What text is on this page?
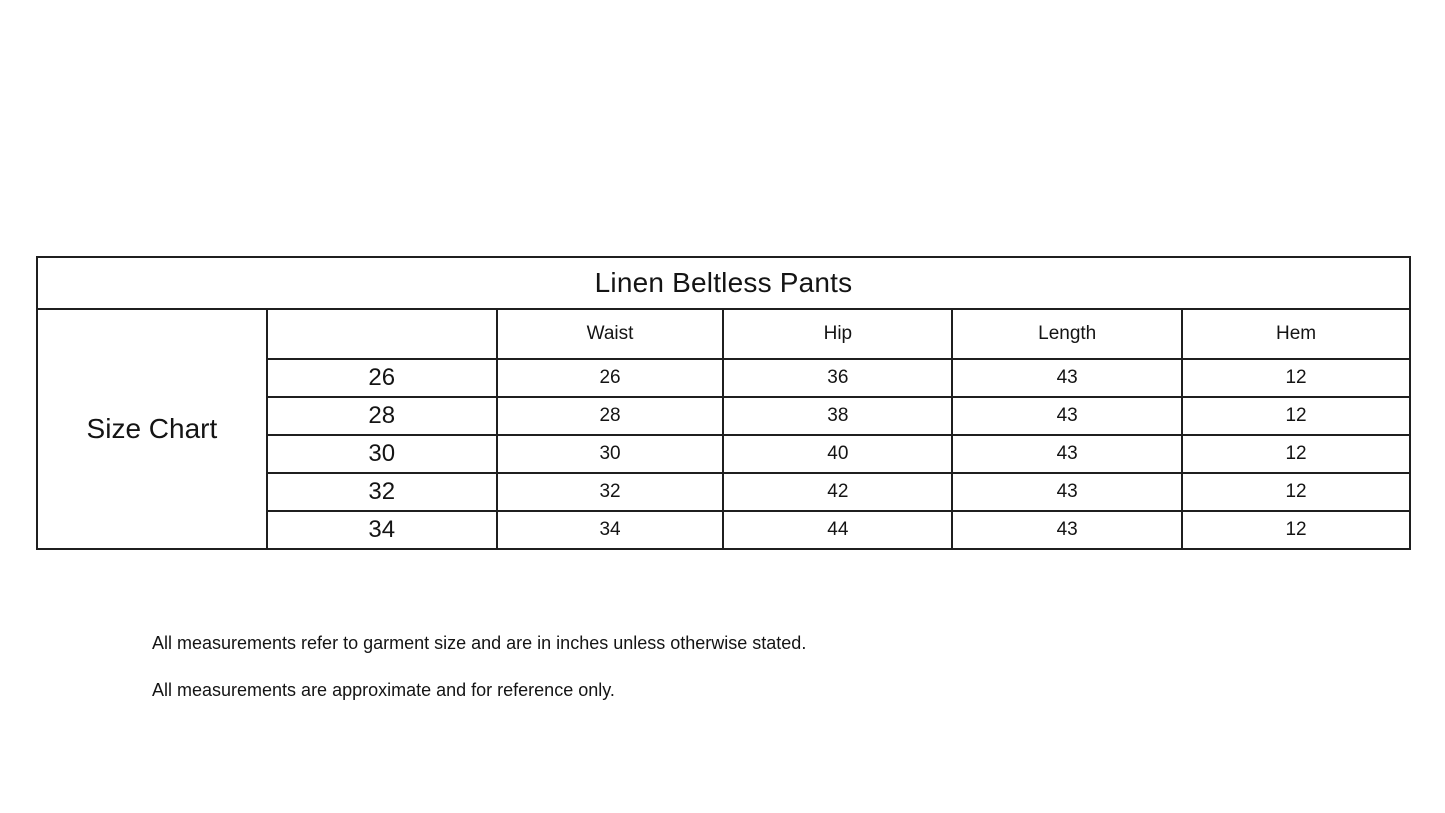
Linen Beltless Pants					
Size Chart		Waist	Hip	Length	Hem
	26	26	36	43	12
	28	28	38	43	12
	30	30	40	43	12
	32	32	42	43	12
	34	34	44	43	12

All measurements refer to garment size and are in inches unless otherwise stated.

All measurements are approximate and for reference only.
